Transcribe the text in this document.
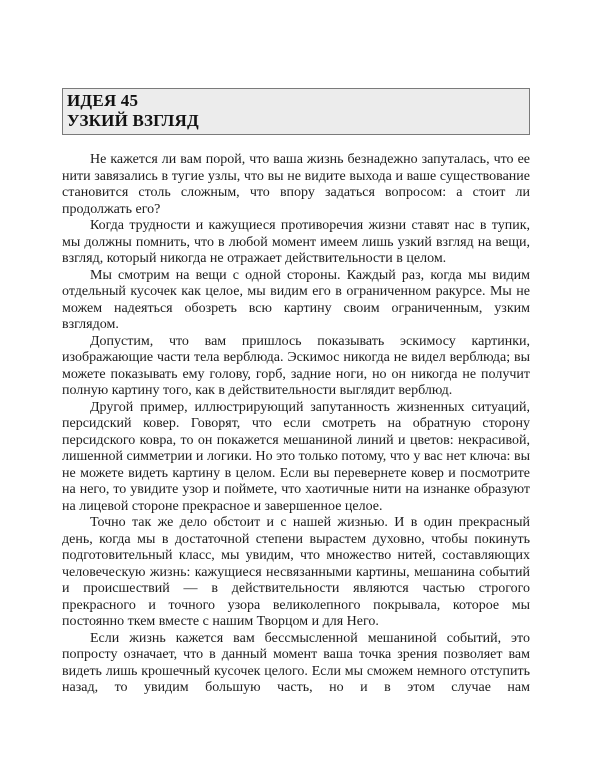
ИДЕЯ 45
УЗКИЙ ВЗГЛЯД

Не кажется ли вам порой, что ваша жизнь безнадежно запуталась, что ее нити завязались в тугие узлы, что вы не видите выхода и ваше существование становится столь сложным, что впору задаться вопросом: а стоит ли продолжать его?

Когда трудности и кажущиеся противоречия жизни ставят нас в тупик, мы должны помнить, что в любой момент имеем лишь узкий взгляд на вещи, взгляд, который никогда не отражает действительности в целом.

Мы смотрим на вещи с одной стороны. Каждый раз, когда мы видим отдельный кусочек как целое, мы видим его в ограниченном ракурсе. Мы не можем надеяться обозреть всю картину своим ограниченным, узким взглядом.

Допустим, что вам пришлось показывать эскимосу картинки, изображающие части тела верблюда. Эскимос никогда не видел верблюда; вы можете показывать ему голову, горб, задние ноги, но он никогда не получит полную картину того, как в действительности выглядит верблюд.

Другой пример, иллюстрирующий запутанность жизненных ситуаций, персидский ковер. Говорят, что если смотреть на обратную сторону персидского ковра, то он покажется мешаниной линий и цветов: некрасивой, лишенной симметрии и логики. Но это только потому, что у вас нет ключа: вы не можете видеть картину в целом. Если вы перевернете ковер и посмотрите на него, то увидите узор и поймете, что хаотичные нити на изнанке образуют на лицевой стороне прекрасное и завершенное целое.

Точно так же дело обстоит и с нашей жизнью. И в один прекрасный день, когда мы в достаточной степени вырастем духовно, чтобы покинуть подготовительный класс, мы увидим, что множество нитей, составляющих человеческую жизнь: кажущиеся несвязанными картины, мешанина событий и происшествий — в действительности являются частью строгого прекрасного и точного узора великолепного покрывала, которое мы постоянно ткем вместе с нашим Творцом и для Него.

Если жизнь кажется вам бессмысленной мешаниной событий, это попросту означает, что в данный момент ваша точка зрения позволяет вам видеть лишь крошечный кусочек целого. Если мы сможем немного отступить назад, то увидим большую часть, но и в этом случае нам
